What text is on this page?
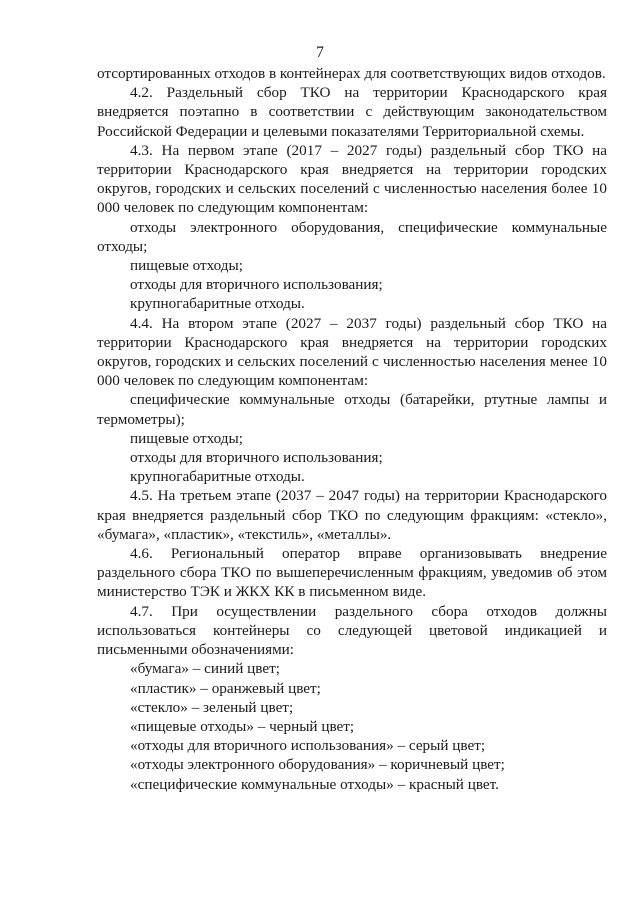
7

отсортированных отходов в контейнерах для соответствующих видов отходов.

4.2. Раздельный сбор ТКО на территории Краснодарского края внедряется поэтапно в соответствии с действующим законодательством Российской Федерации и целевыми показателями Территориальной схемы.

4.3. На первом этапе (2017 – 2027 годы) раздельный сбор ТКО на территории Краснодарского края внедряется на территории городских округов, городских и сельских поселений с численностью населения более 10 000 человек по следующим компонентам:

отходы электронного оборудования, специфические коммунальные отходы;

пищевые отходы;

отходы для вторичного использования;

крупногабаритные отходы.

4.4. На втором этапе (2027 – 2037 годы) раздельный сбор ТКО на территории Краснодарского края внедряется на территории городских округов, городских и сельских поселений с численностью населения менее 10 000 человек по следующим компонентам:

специфические коммунальные отходы (батарейки, ртутные лампы и термометры);

пищевые отходы;

отходы для вторичного использования;

крупногабаритные отходы.

4.5. На третьем этапе (2037 – 2047 годы) на территории Краснодарского края внедряется раздельный сбор ТКО по следующим фракциям: «стекло», «бумага», «пластик», «текстиль», «металлы».

4.6. Региональный оператор вправе организовывать внедрение раздельного сбора ТКО по вышеперечисленным фракциям, уведомив об этом министерство ТЭК и ЖКХ КК в письменном виде.

4.7. При осуществлении раздельного сбора отходов должны использоваться контейнеры со следующей цветовой индикацией и письменными обозначениями:

«бумага» – синий цвет;

«пластик» – оранжевый цвет;

«стекло» – зеленый цвет;

«пищевые отходы» – черный цвет;

«отходы для вторичного использования» – серый цвет;

«отходы электронного оборудования» – коричневый цвет;

«специфические коммунальные отходы» – красный цвет.
